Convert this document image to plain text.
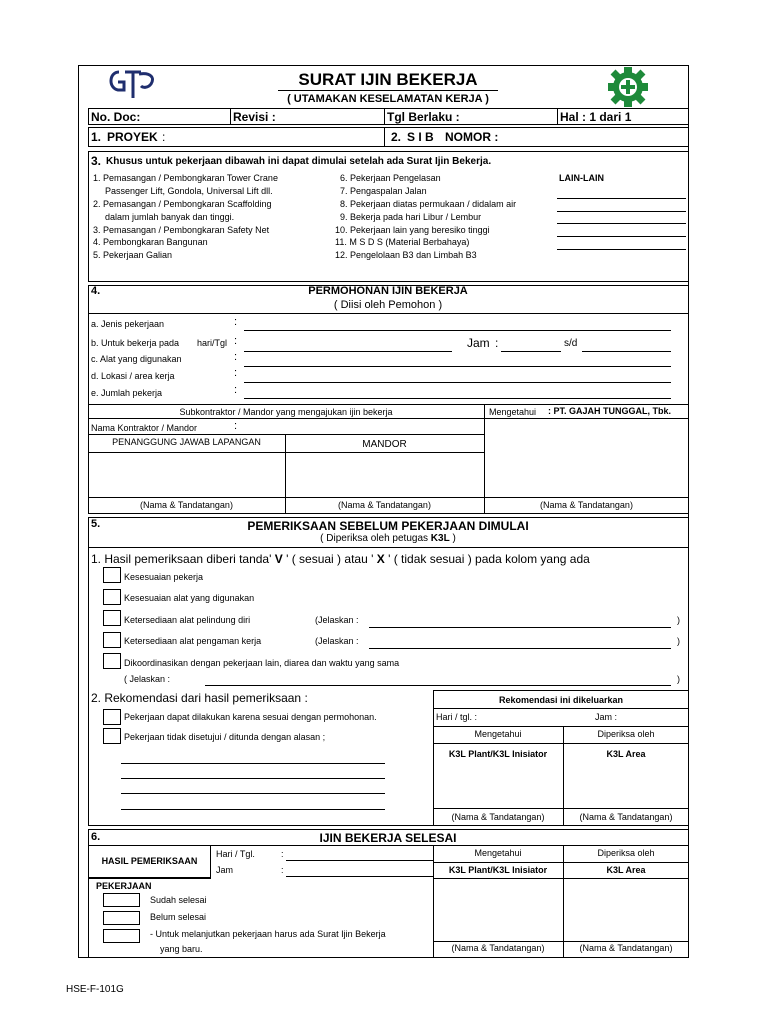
SURAT IJIN BEKERJA
( UTAMAKAN KESELAMATAN KERJA )
No. Doc:	Revisi :	Tgl Berlaku :	Hal : 1 dari 1
1. PROYEK :	2. S I B NOMOR :
3. Khusus untuk pekerjaan dibawah ini dapat dimulai setelah ada Surat Ijin Bekerja.
1. Pemasangan / Pembongkaran Tower Crane
Passenger Lift, Gondola, Universal Lift dll.
2. Pemasangan / Pembongkaran Scaffolding
dalam jumlah banyak dan tinggi.
3. Pemasangan / Pembongkaran Safety Net
4. Pembongkaran Bangunan
5. Pekerjaan Galian
6. Pekerjaan Pengelasan
7. Pengaspalan Jalan
8. Pekerjaan diatas permukaan / didalam air
9. Bekerja pada hari Libur / Lembur
10. Pekerjaan lain yang beresiko tinggi
11. M S D S (Material Berbahaya)
12. Pengelolaan B3 dan Limbah B3
LAIN-LAIN
4.	PERMOHONAN IJIN BEKERJA
( Diisi oleh Pemohon )
a. Jenis pekerjaan	:
b. Untuk bekerja pada hari/Tgl :	Jam :	s/d
c. Alat yang digunakan	:
d. Lokasi / area kerja	:
e. Jumlah pekerja	:
Subkontraktor / Mandor yang mengajukan ijin bekerja	Mengetahui : PT. GAJAH TUNGGAL, Tbk.
Nama Kontraktor / Mandor	:
PENANGGUNG JAWAB LAPANGAN	MANDOR
(Nama & Tandatangan)	(Nama & Tandatangan)	(Nama & Tandatangan)
5.	PEMERIKSAAN SEBELUM PEKERJAAN DIMULAI
( Diperiksa oleh petugas K3L )
1. Hasil pemeriksaan diberi tanda' V ' ( sesuai ) atau ' X ' ( tidak sesuai ) pada kolom yang ada
Kesesuaian pekerja
Kesesuaian alat yang digunakan
Ketersediaan alat pelindung diri	(Jelaskan :	)
Ketersediaan alat pengaman kerja	(Jelaskan :	)
Dikoordinasikan dengan pekerjaan lain, diarea dan waktu yang sama
( Jelaskan :	)
2. Rekomendasi dari hasil pemeriksaan :
Pekerjaan dapat dilakukan karena sesuai dengan permohonan.
Pekerjaan tidak disetujui / ditunda dengan alasan ;
Rekomendasi ini dikeluarkan
Hari / tgl. :	Jam :
Mengetahui	Diperiksa oleh
K3L Plant/K3L Inisiator	K3L Area
(Nama & Tandatangan)	(Nama & Tandatangan)
6.	IJIN BEKERJA SELESAI
HASIL PEMERIKSAAN
Hari / Tgl.	:
Jam	:
PEKERJAAN
Sudah selesai
Belum selesai
- Untuk melanjutkan pekerjaan harus ada Surat Ijin Bekerja
yang baru.
Mengetahui	Diperiksa oleh
K3L Plant/K3L Inisiator	K3L Area
(Nama & Tandatangan)	(Nama & Tandatangan)
HSE-F-101G
